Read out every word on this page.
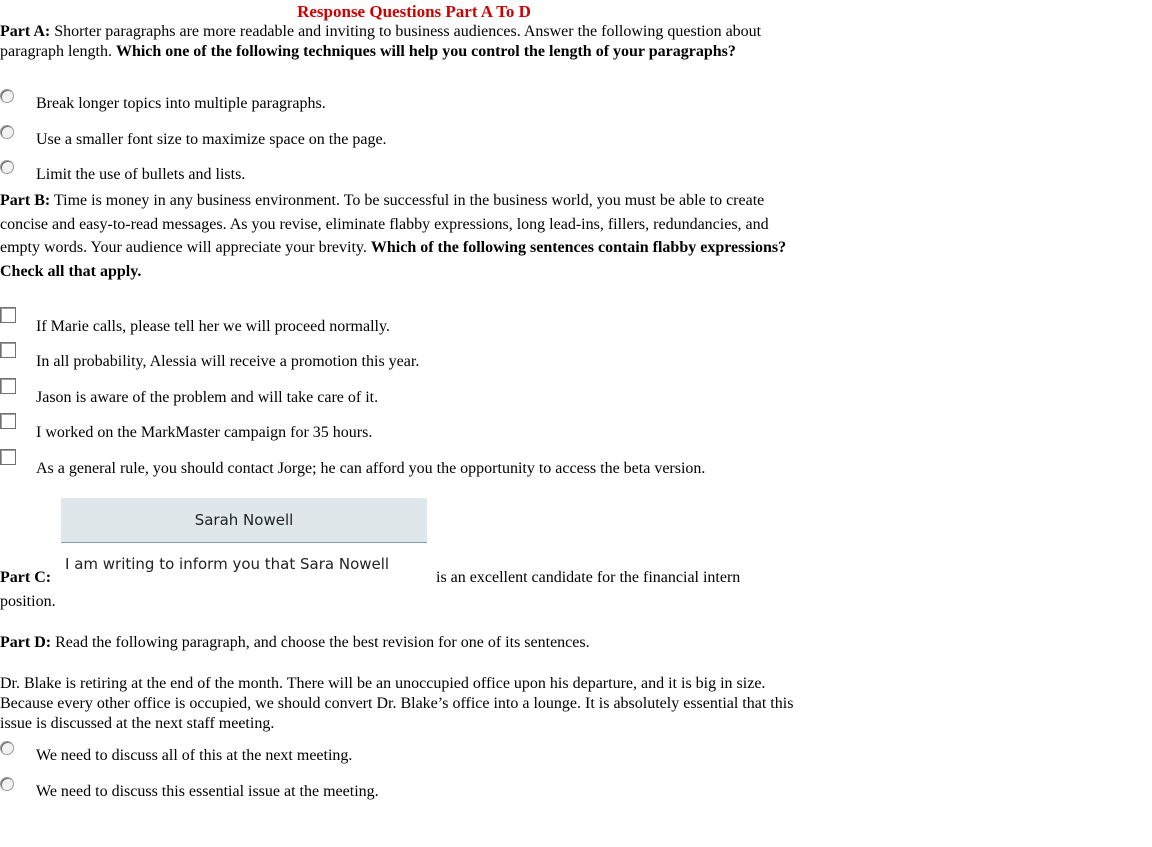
Response Questions Part A To D
Part A: Shorter paragraphs are more readable and inviting to business audiences. Answer the following question about paragraph length. Which one of the following techniques will help you control the length of your paragraphs?
Break longer topics into multiple paragraphs.
Use a smaller font size to maximize space on the page.
Limit the use of bullets and lists.
Part B: Time is money in any business environment. To be successful in the business world, you must be able to create concise and easy-to-read messages. As you revise, eliminate flabby expressions, long lead-ins, fillers, redundancies, and empty words. Your audience will appreciate your brevity. Which of the following sentences contain flabby expressions? Check all that apply.
If Marie calls, please tell her we will proceed normally.
In all probability, Alessia will receive a promotion this year.
Jason is aware of the problem and will take care of it.
I worked on the MarkMaster campaign for 35 hours.
As a general rule, you should contact Jorge; he can afford you the opportunity to access the beta version.
Sarah Nowell
I am writing to inform you that Sara Nowell
Part C:	is an excellent candidate for the financial intern
position.
Part D: Read the following paragraph, and choose the best revision for one of its sentences.
Dr. Blake is retiring at the end of the month. There will be an unoccupied office upon his departure, and it is big in size. Because every other office is occupied, we should convert Dr. Blake’s office into a lounge. It is absolutely essential that this issue is discussed at the next staff meeting.
We need to discuss all of this at the next meeting.
We need to discuss this essential issue at the meeting.
